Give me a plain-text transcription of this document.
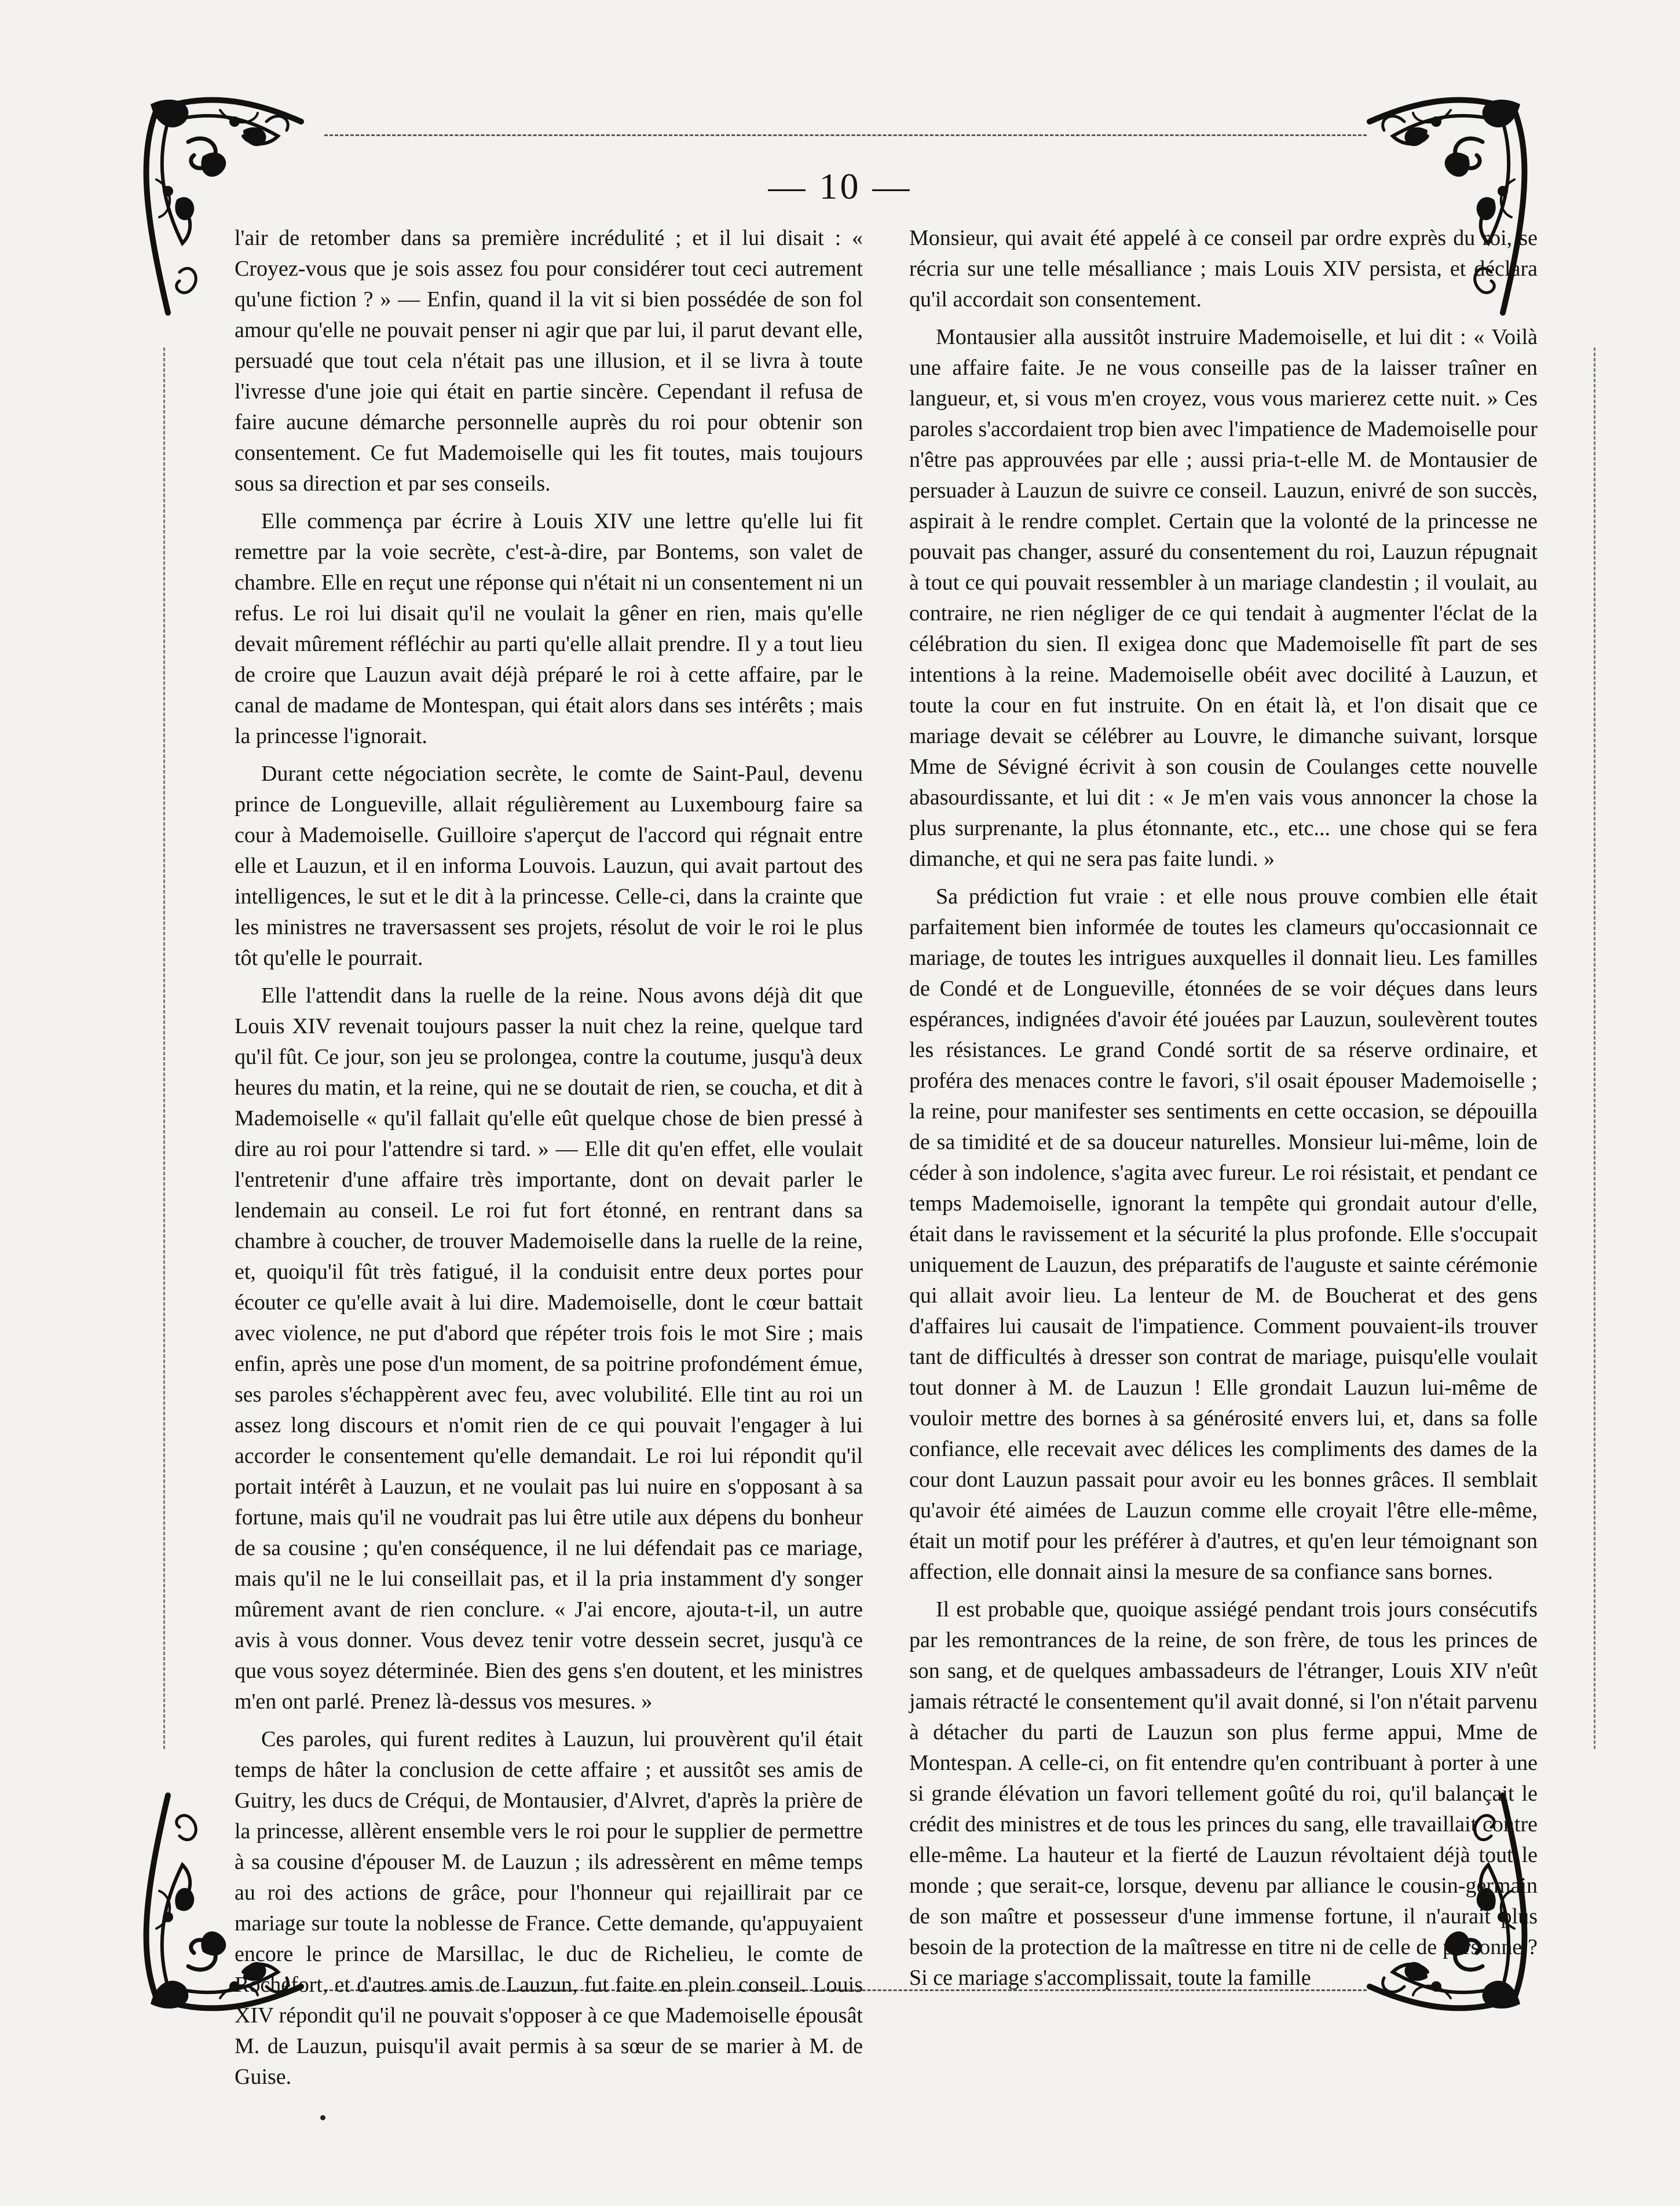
— 10 —

l'air de retomber dans sa première incrédulité ; et il lui disait : « Croyez-vous que je sois assez fou pour considérer tout ceci autrement qu'une fiction ? » — Enfin, quand il la vit si bien possédée de son fol amour qu'elle ne pouvait penser ni agir que par lui, il parut devant elle, persuadé que tout cela n'était pas une illusion, et il se livra à toute l'ivresse d'une joie qui était en partie sincère. Cependant il refusa de faire aucune démarche personnelle auprès du roi pour obtenir son consentement. Ce fut Mademoiselle qui les fit toutes, mais toujours sous sa direction et par ses conseils.

Elle commença par écrire à Louis XIV une lettre qu'elle lui fit remettre par la voie secrète, c'est-à-dire, par Bontems, son valet de chambre. Elle en reçut une réponse qui n'était ni un consentement ni un refus. Le roi lui disait qu'il ne voulait la gêner en rien, mais qu'elle devait mûrement réfléchir au parti qu'elle allait prendre. Il y a tout lieu de croire que Lauzun avait déjà préparé le roi à cette affaire, par le canal de madame de Montespan, qui était alors dans ses intérêts ; mais la princesse l'ignorait.

Durant cette négociation secrète, le comte de Saint-Paul, devenu prince de Longueville, allait régulièrement au Luxembourg faire sa cour à Mademoiselle. Guilloire s'aperçut de l'accord qui régnait entre elle et Lauzun, et il en informa Louvois. Lauzun, qui avait partout des intelligences, le sut et le dit à la princesse. Celle-ci, dans la crainte que les ministres ne traversassent ses projets, résolut de voir le roi le plus tôt qu'elle le pourrait.

Elle l'attendit dans la ruelle de la reine. Nous avons déjà dit que Louis XIV revenait toujours passer la nuit chez la reine, quelque tard qu'il fût. Ce jour, son jeu se prolongea, contre la coutume, jusqu'à deux heures du matin, et la reine, qui ne se doutait de rien, se coucha, et dit à Mademoiselle « qu'il fallait qu'elle eût quelque chose de bien pressé à dire au roi pour l'attendre si tard. » — Elle dit qu'en effet, elle voulait l'entretenir d'une affaire très importante, dont on devait parler le lendemain au conseil. Le roi fut fort étonné, en rentrant dans sa chambre à coucher, de trouver Mademoiselle dans la ruelle de la reine, et, quoiqu'il fût très fatigué, il la conduisit entre deux portes pour écouter ce qu'elle avait à lui dire. Mademoiselle, dont le cœur battait avec violence, ne put d'abord que répéter trois fois le mot Sire ; mais enfin, après une pose d'un moment, de sa poitrine profondément émue, ses paroles s'échappèrent avec feu, avec volubilité. Elle tint au roi un assez long discours et n'omit rien de ce qui pouvait l'engager à lui accorder le consentement qu'elle demandait. Le roi lui répondit qu'il portait intérêt à Lauzun, et ne voulait pas lui nuire en s'opposant à sa fortune, mais qu'il ne voudrait pas lui être utile aux dépens du bonheur de sa cousine ; qu'en conséquence, il ne lui défendait pas ce mariage, mais qu'il ne le lui conseillait pas, et il la pria instamment d'y songer mûrement avant de rien conclure. « J'ai encore, ajouta-t-il, un autre avis à vous donner. Vous devez tenir votre dessein secret, jusqu'à ce que vous soyez déterminée. Bien des gens s'en doutent, et les ministres m'en ont parlé. Prenez là-dessus vos mesures. »

Ces paroles, qui furent redites à Lauzun, lui prouvèrent qu'il était temps de hâter la conclusion de cette affaire ; et aussitôt ses amis de Guitry, les ducs de Créqui, de Montausier, d'Alvret, d'après la prière de la princesse, allèrent ensemble vers le roi pour le supplier de permettre à sa cousine d'épouser M. de Lauzun ; ils adressèrent en même temps au roi des actions de grâce, pour l'honneur qui rejaillirait par ce mariage sur toute la noblesse de France. Cette demande, qu'appuyaient encore le prince de Marsillac, le duc de Richelieu, le comte de Rochefort, et d'autres amis de Lauzun, fut faite en plein conseil. Louis XIV répondit qu'il ne pouvait s'opposer à ce que Mademoiselle épousât M. de Lauzun, puisqu'il avait permis à sa sœur de se marier à M. de Guise.

Monsieur, qui avait été appelé à ce conseil par ordre exprès du roi, se récria sur une telle mésalliance ; mais Louis XIV persista, et déclara qu'il accordait son consentement.

Montausier alla aussitôt instruire Mademoiselle, et lui dit : « Voilà une affaire faite. Je ne vous conseille pas de la laisser traîner en langueur, et, si vous m'en croyez, vous vous marierez cette nuit. » Ces paroles s'accordaient trop bien avec l'impatience de Mademoiselle pour n'être pas approuvées par elle ; aussi pria-t-elle M. de Montausier de persuader à Lauzun de suivre ce conseil. Lauzun, enivré de son succès, aspirait à le rendre complet. Certain que la volonté de la princesse ne pouvait pas changer, assuré du consentement du roi, Lauzun répugnait à tout ce qui pouvait ressembler à un mariage clandestin ; il voulait, au contraire, ne rien négliger de ce qui tendait à augmenter l'éclat de la célébration du sien. Il exigea donc que Mademoiselle fît part de ses intentions à la reine. Mademoiselle obéit avec docilité à Lauzun, et toute la cour en fut instruite. On en était là, et l'on disait que ce mariage devait se célébrer au Louvre, le dimanche suivant, lorsque Mme de Sévigné écrivit à son cousin de Coulanges cette nouvelle abasourdissante, et lui dit : « Je m'en vais vous annoncer la chose la plus surprenante, la plus étonnante, etc., etc... une chose qui se fera dimanche, et qui ne sera pas faite lundi. »

Sa prédiction fut vraie : et elle nous prouve combien elle était parfaitement bien informée de toutes les clameurs qu'occasionnait ce mariage, de toutes les intrigues auxquelles il donnait lieu. Les familles de Condé et de Longueville, étonnées de se voir déçues dans leurs espérances, indignées d'avoir été jouées par Lauzun, soulevèrent toutes les résistances. Le grand Condé sortit de sa réserve ordinaire, et proféra des menaces contre le favori, s'il osait épouser Mademoiselle ; la reine, pour manifester ses sentiments en cette occasion, se dépouilla de sa timidité et de sa douceur naturelles. Monsieur lui-même, loin de céder à son indolence, s'agita avec fureur. Le roi résistait, et pendant ce temps Mademoiselle, ignorant la tempête qui grondait autour d'elle, était dans le ravissement et la sécurité la plus profonde. Elle s'occupait uniquement de Lauzun, des préparatifs de l'auguste et sainte cérémonie qui allait avoir lieu. La lenteur de M. de Boucherat et des gens d'affaires lui causait de l'impatience. Comment pouvaient-ils trouver tant de difficultés à dresser son contrat de mariage, puisqu'elle voulait tout donner à M. de Lauzun ! Elle grondait Lauzun lui-même de vouloir mettre des bornes à sa générosité envers lui, et, dans sa folle confiance, elle recevait avec délices les compliments des dames de la cour dont Lauzun passait pour avoir eu les bonnes grâces. Il semblait qu'avoir été aimées de Lauzun comme elle croyait l'être elle-même, était un motif pour les préférer à d'autres, et qu'en leur témoignant son affection, elle donnait ainsi la mesure de sa confiance sans bornes.

Il est probable que, quoique assiégé pendant trois jours consécutifs par les remontrances de la reine, de son frère, de tous les princes de son sang, et de quelques ambassadeurs de l'étranger, Louis XIV n'eût jamais rétracté le consentement qu'il avait donné, si l'on n'était parvenu à détacher du parti de Lauzun son plus ferme appui, Mme de Montespan. A celle-ci, on fit entendre qu'en contribuant à porter à une si grande élévation un favori tellement goûté du roi, qu'il balançait le crédit des ministres et de tous les princes du sang, elle travaillait contre elle-même. La hauteur et la fierté de Lauzun révoltaient déjà tout le monde ; que serait-ce, lorsque, devenu par alliance le cousin-germain de son maître et possesseur d'une immense fortune, il n'aurait plus besoin de la protection de la maîtresse en titre ni de celle de personne ? Si ce mariage s'accomplissait, toute la famille
